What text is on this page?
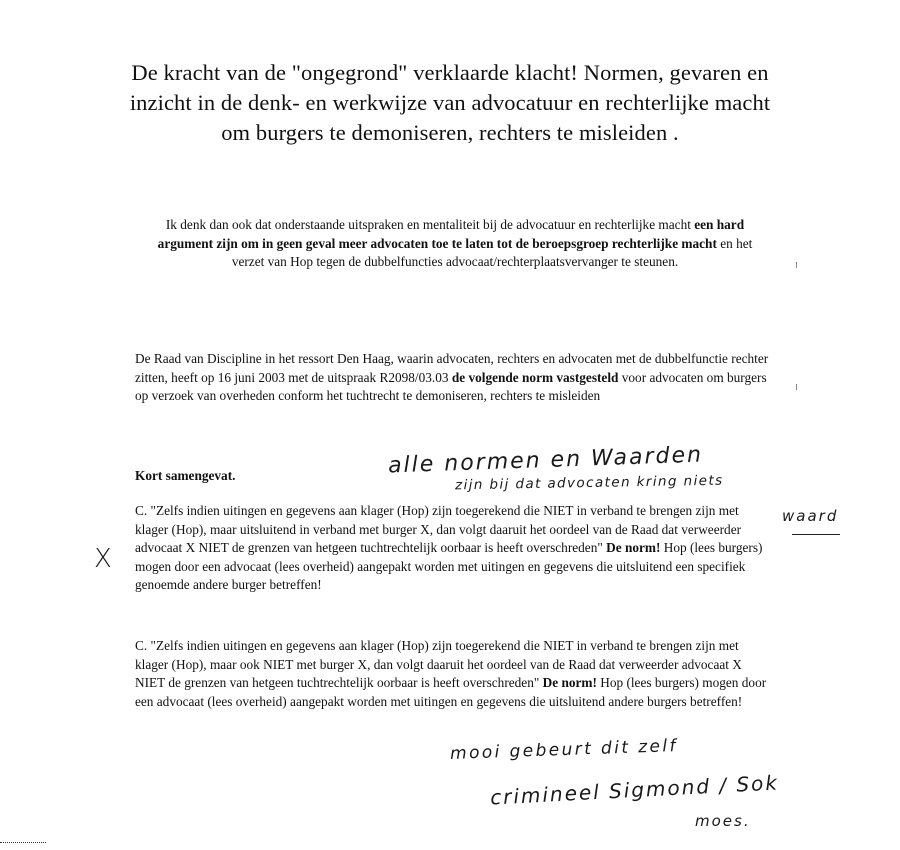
De kracht van de "ongegrond" verklaarde klacht! Normen, gevaren en inzicht in de denk- en werkwijze van advocatuur en rechterlijke macht om burgers te demoniseren, rechters te misleiden .
Ik denk dan ook dat onderstaande uitspraken en mentaliteit bij de advocatuur en rechterlijke macht een hard argument zijn om in geen geval meer advocaten toe te laten tot de beroepsgroep rechterlijke macht en het verzet van Hop tegen de dubbelfuncties advocaat/rechterplaatsvervanger te steunen.
De Raad van Discipline in het ressort Den Haag, waarin advocaten, rechters en advocaten met de dubbelfunctie rechter zitten, heeft op 16 juni 2003 met de uitspraak R2098/03.03 de volgende norm vastgesteld voor advocaten om burgers op verzoek van overheden conform het tuchtrecht te demoniseren, rechters te misleiden
Kort samengevat.
C. "Zelfs indien uitingen en gegevens aan klager (Hop) zijn toegerekend die NIET in verband te brengen zijn met klager (Hop), maar uitsluitend in verband met burger X, dan volgt daaruit het oordeel van de Raad dat verweerder advocaat X NIET de grenzen van hetgeen tuchtrechtelijk oorbaar is heeft overschreden" De norm! Hop (lees burgers) mogen door een advocaat (lees overheid) aangepakt worden met uitingen en gegevens die uitsluitend een specifiek genoemde andere burger betreffen!
C. "Zelfs indien uitingen en gegevens aan klager (Hop) zijn toegerekend die NIET in verband te brengen zijn met klager (Hop), maar ook NIET met burger X, dan volgt daaruit het oordeel van de Raad dat verweerder advocaat X NIET de grenzen van hetgeen tuchtrechtelijk oorbaar is heeft overschreden" De norm! Hop (lees burgers) mogen door een advocaat (lees overheid) aangepakt worden met uitingen en gegevens die uitsluitend andere burgers betreffen!
alle normen en Waarden
zijn bij dat advocaten kring niets
waard
X
mooi gebeurt dit zelf
crimineel Sigmond / Sok
moes.
